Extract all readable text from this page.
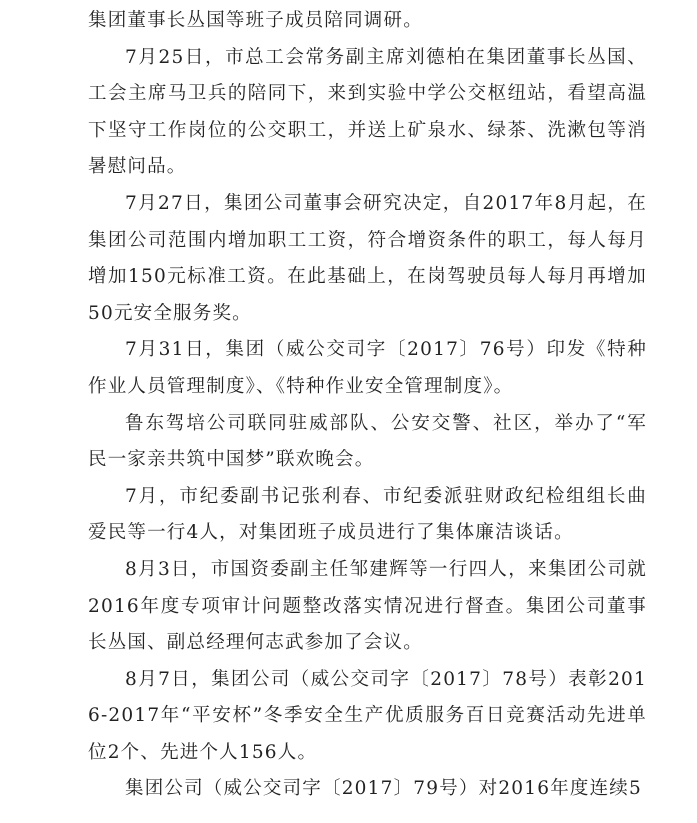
集团董事长丛国等班子成员陪同调研。

7月25日，市总工会常务副主席刘德柏在集团董事长丛国、工会主席马卫兵的陪同下，来到实验中学公交枢纽站，看望高温下坚守工作岗位的公交职工，并送上矿泉水、绿茶、洗漱包等消暑慰问品。

7月27日，集团公司董事会研究决定，自2017年8月起，在集团公司范围内增加职工工资，符合增资条件的职工，每人每月增加150元标准工资。在此基础上，在岗驾驶员每人每月再增加50元安全服务奖。

7月31日，集团（威公交司字〔2017〕76号）印发《特种作业人员管理制度》、《特种作业安全管理制度》。

鲁东驾培公司联同驻威部队、公安交警、社区，举办了“军民一家亲共筑中国梦”联欢晚会。

7月，市纪委副书记张利春、市纪委派驻财政纪检组组长曲爱民等一行4人，对集团班子成员进行了集体廉洁谈话。

8月3日，市国资委副主任邹建辉等一行四人，来集团公司就2016年度专项审计问题整改落实情况进行督查。集团公司董事长丛国、副总经理何志武参加了会议。

8月7日，集团公司（威公交司字〔2017〕78号）表彰2016-2017年“平安杯”冬季安全生产优质服务百日竞赛活动先进单位2个、先进个人156人。

集团公司（威公交司字〔2017〕79号）对2016年度连续5
